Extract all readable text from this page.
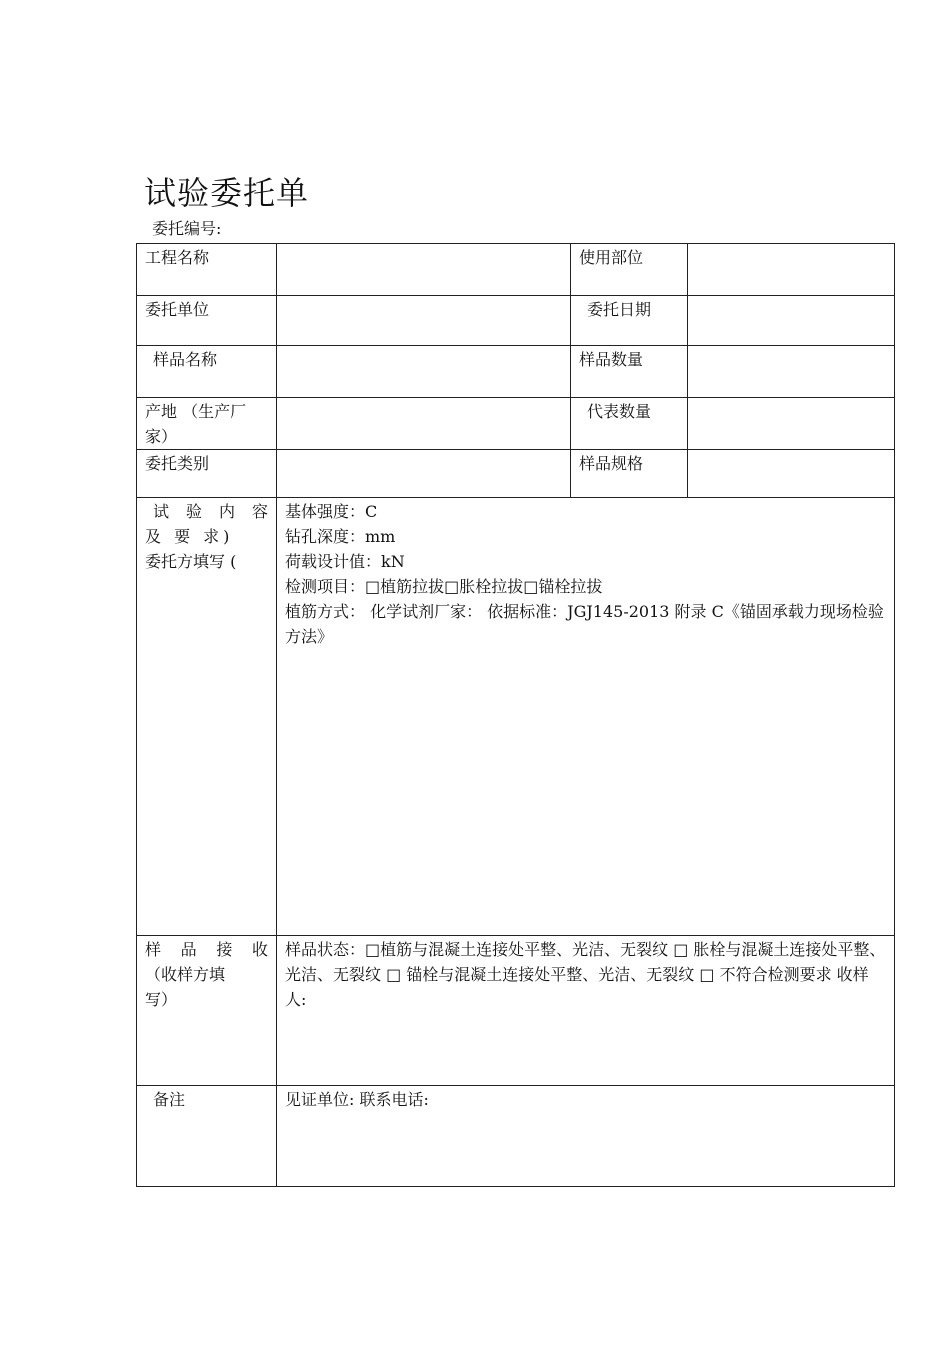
试验委托单
委托编号:
工程名称		使用部位	
委托单位		委托日期	
样品名称		样品数量	

产地 （生产厂
家）		代表数量	
委托类别		样品规格	

试 验 内 容
及 要 求)
委托方填写 (	基体强度：C
钻孔深度：mm
荷载设计值：kN
检测项目：□植筋拉拔□胀栓拉拔□锚栓拉拔
植筋方式： 化学试剂厂家： 依据标准：JGJ145-2013 附录 C《锚固承载力现场检验方法》		

样 品 接 收
（收样方填
写）	样品状态：□植筋与混凝土连接处平整、光洁、无裂纹 □ 胀栓与混凝土连接处平整、光洁、无裂纹 □ 锚栓与混凝土连接处平整、光洁、无裂纹 □ 不符合检测要求 收样人:		

备注	见证单位: 联系电话:		
